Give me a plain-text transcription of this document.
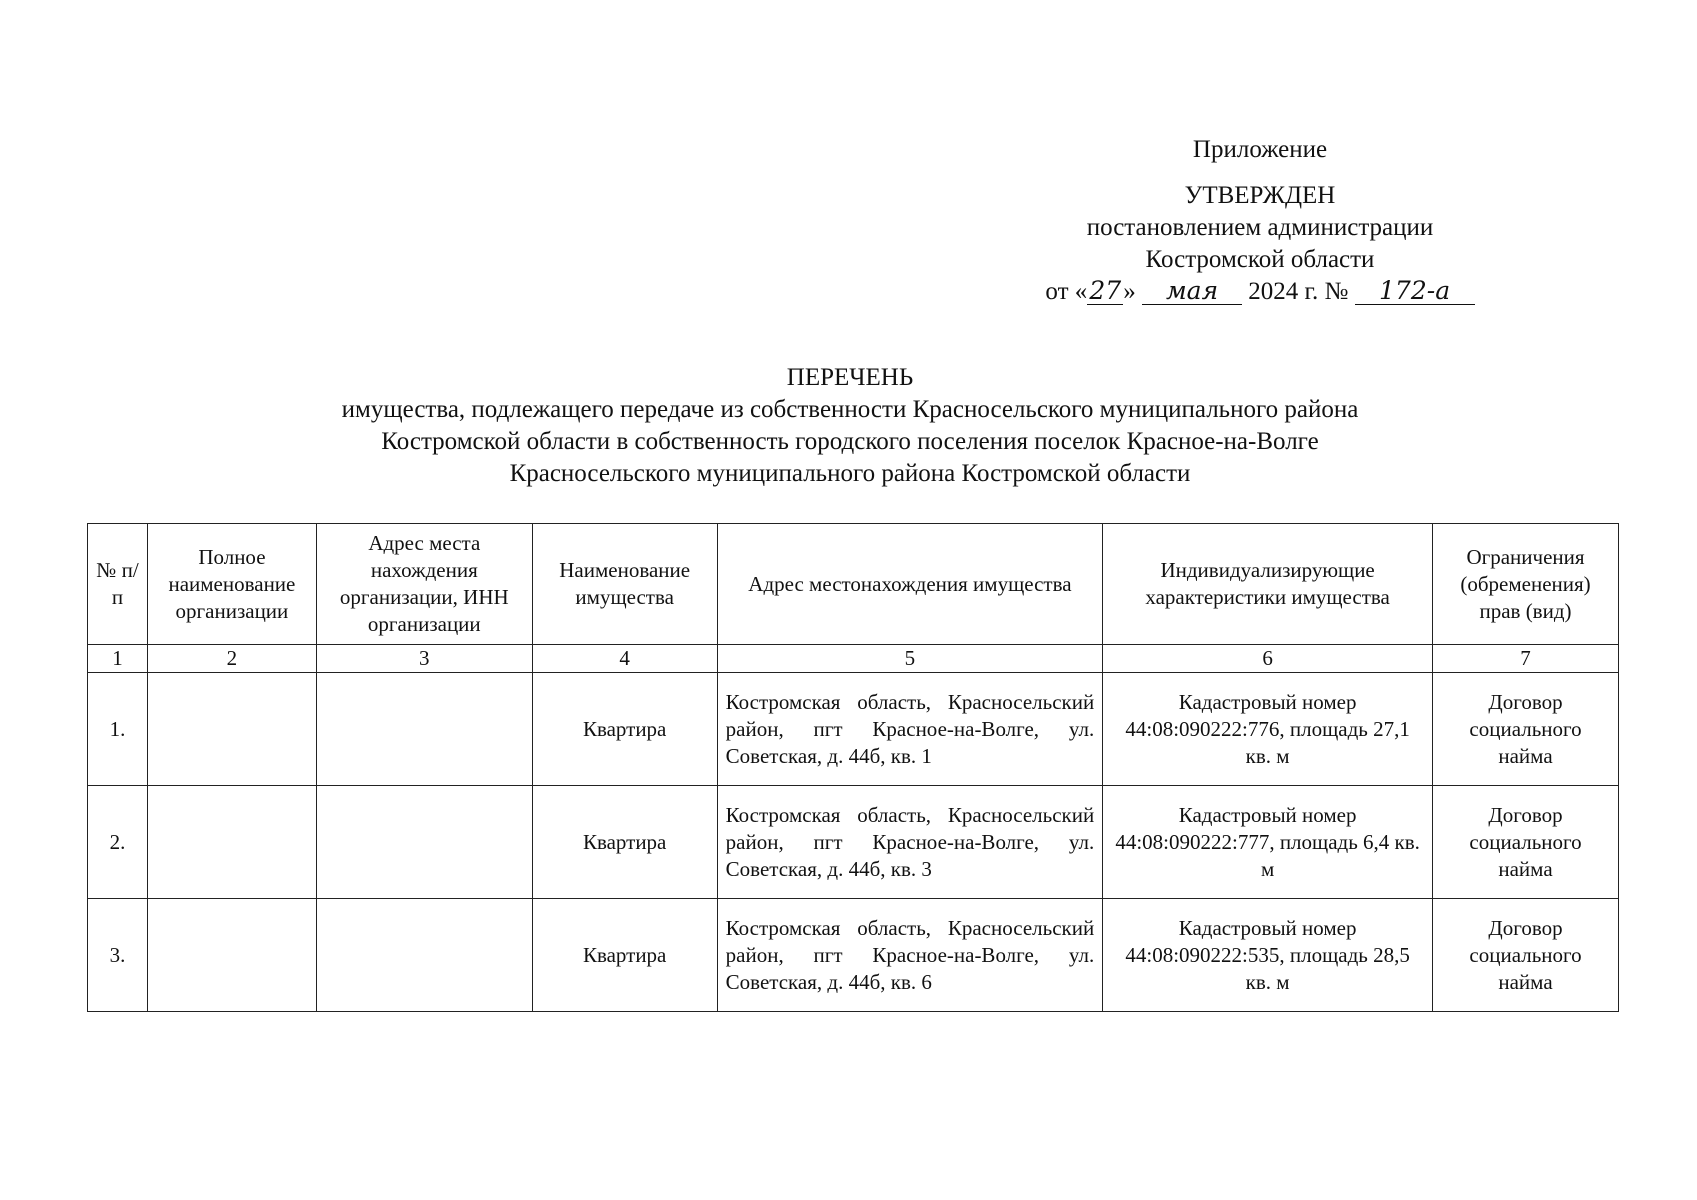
Приложение
УТВЕРЖДЕН
постановлением администрации
Костромской области
от «27» мая 2024 г. № 172-а
ПЕРЕЧЕНЬ
имущества, подлежащего передаче из собственности Красносельского муниципального района
Костромской области в собственность городского поселения поселок Красное-на-Волге
Красносельского муниципального района Костромской области
№ п/п	Полное наименование организации	Адрес места нахождения организации, ИНН организации	Наименование имущества	Адрес местонахождения имущества	Индивидуализирующие характеристики имущества	Ограничения (обременения) прав (вид)
1	2	3	4	5	6	7
1.			Квартира	Костромская область, Красносельский район, пгт Красное-на-Волге, ул. Советская, д. 44б, кв. 1	Кадастровый номер 44:08:090222:776, площадь 27,1 кв. м	Договор социального найма
2.			Квартира	Костромская область, Красносельский район, пгт Красное-на-Волге, ул. Советская, д. 44б, кв. 3	Кадастровый номер 44:08:090222:777, площадь 6,4 кв. м	Договор социального найма
3.			Квартира	Костромская область, Красносельский район, пгт Красное-на-Волге, ул. Советская, д. 44б, кв. 6	Кадастровый номер 44:08:090222:535, площадь 28,5 кв. м	Договор социального найма
